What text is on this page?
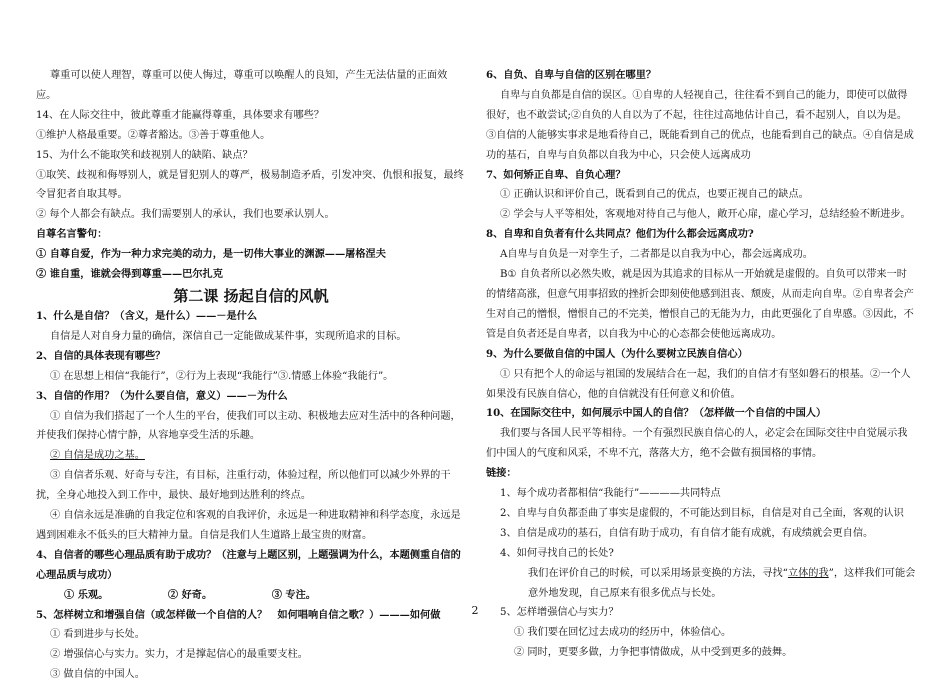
尊重可以使人理智，尊重可以使人悔过，尊重可以唤醒人的良知，产生无法估量的正面效应。

14、在人际交往中，彼此尊重才能赢得尊重，具体要求有哪些？

①维护人格最重要。②尊者豁达。③善于尊重他人。

15、为什么不能取笑和歧视别人的缺陷、缺点？

①取笑、歧视和侮辱别人，就是冒犯别人的尊严，极易制造矛盾，引发冲突、仇恨和报复，最终令冒犯者自取其辱。

② 每个人都会有缺点。我们需要别人的承认，我们也要承认别人。

自尊名言警句：

① 自尊自爱，作为一种力求完美的动力，是一切伟大事业的渊源——屠格涅夫

② 谁自重，谁就会得到尊重——巴尔扎克

第二课 扬起自信的风帆

1、什么是自信？（含义，是什么）——－是什么

自信是人对自身力量的确信，深信自己一定能做成某件事，实现所追求的目标。

2、自信的具体表现有哪些？

① 在思想上相信“我能行”，②行为上表现“我能行”③.情感上体验“我能行”。

3、自信的作用？（为什么要自信，意义）——－为什么

① 自信为我们搭起了一个人生的平台，使我们可以主动、积极地去应对生活中的各种问题，并使我们保持心情宁静，从容地享受生活的乐趣。

② 自信是成功之基。

③ 自信者乐观、好奇与专注，有目标，注重行动，体验过程，所以他们可以减少外界的干扰，全身心地投入到工作中，最快、最好地到达胜利的终点。

④ 自信永远是准确的自我定位和客观的自我评价，永远是一种进取精神和科学态度，永远是遇到困难永不低头的巨大精神力量。自信是我们人生道路上最宝贵的财富。

4、自信者的哪些心理品质有助于成功？（注意与上题区别，上题强调为什么，本题侧重自信的心理品质与成功）

① 乐观。	② 好奇。	③ 专注。

5、怎样树立和增强自信（或怎样做一个自信的人？　如何唱响自信之歌？）———如何做

① 看到进步与长处。

② 增强信心与实力。实力，才是撑起信心的最重要支柱。

③ 做自信的中国人。

6、自负、自卑与自信的区别在哪里？

自卑与自负都是自信的误区。①自卑的人轻视自己，往往看不到自己的能力，即使可以做得很好，也不敢尝试;②自负的人自以为了不起，往往过高地估计自己，看不起别人，自以为是。③自信的人能够实事求是地看待自己，既能看到自己的优点，也能看到自己的缺点。④自信是成功的基石，自卑与自负都以自我为中心，只会使人远离成功

7、如何矫正自卑、自负心理？

① 正确认识和评价自己，既看到自己的优点，也要正视自己的缺点。

② 学会与人平等相处，客观地对待自己与他人，敞开心扉，虚心学习，总结经验不断进步。

8、自卑和自负者有什么共同点？他们为什么都会远离成功?

A自卑与自负是一对孪生子，二者都是以自我为中心，都会远离成功。

B① 自负者所以必然失败，就是因为其追求的目标从一开始就是虚假的。自负可以带来一时的情绪高涨，但意气用事招致的挫折会即刻使他感到沮丧、颓废，从而走向自卑。②自卑者会产生对自己的憎恨，憎恨自己的不完美，憎恨自己的无能为力，由此更强化了自卑感。③因此，不管是自负者还是自卑者，以自我为中心的心态都会使他远离成功。

9、为什么要做自信的中国人（为什么要树立民族自信心）

① 只有把个人的命运与祖国的发展结合在一起，我们的自信才有坚如磐石的根基。②一个人如果没有民族自信心，他的自信就没有任何意义和价值。

10、在国际交往中，如何展示中国人的自信？（怎样做一个自信的中国人）

我们要与各国人民平等相待。一个有强烈民族自信心的人，必定会在国际交往中自觉展示我们中国人的气度和风采，不卑不亢，落落大方，绝不会做有损国格的事情。

链接：

1、每个成功者都相信“我能行”————共同特点

2、自卑与自负都歪曲了事实是虚假的，不可能达到目标，自信是对自己全面，客观的认识

3、自信是成功的基石，自信有助于成功，有自信才能有成就，有成绩就会更自信。

4、如何寻找自己的长处?

我们在评价自己的时候，可以采用场景变换的方法，寻找“立体的我”，这样我们可能会意外地发现，自己原来有很多优点与长处。

5、怎样增强信心与实力？

① 我们要在回忆过去成功的经历中，体验信心。

② 同时，更要多做，力争把事情做成，从中受到更多的鼓舞。

2
